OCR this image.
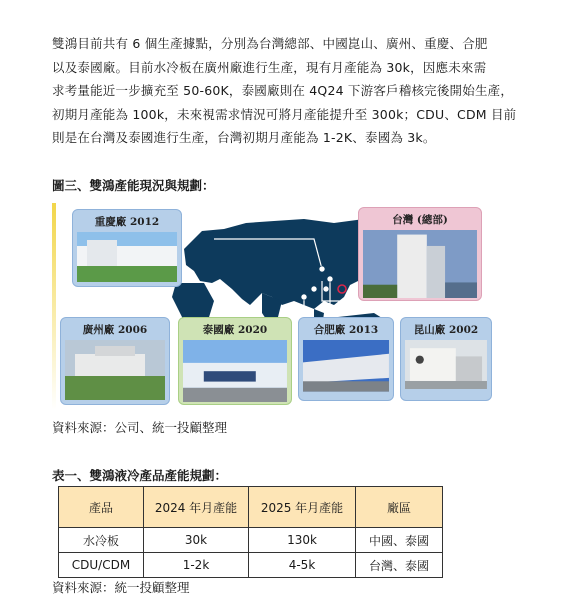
雙鴻目前共有 6 個生產據點，分別為台灣總部、中國崑山、廣州、重慶、合肥
以及泰國廠。目前水冷板在廣州廠進行生產，現有月產能為 30k，因應未來需
求考量能近一步擴充至 50-60K，泰國廠則在 4Q24 下游客戶稽核完後開始生產，
初期月產能為 100k，未來視需求情況可將月產能提升至 300k；CDU、CDM 目前
則是在台灣及泰國進行生產，台灣初期月產能為 1-2K、泰國為 3k。
圖三、雙鴻產能現況與規劃：
重慶廠 2012	台灣 (總部)
廣州廠 2006	泰國廠 2020	合肥廠 2013	昆山廠 2002
資料來源：公司、統一投顧整理
表一、雙鴻液冷產品產能規劃：
產品	2024 年月產能	2025 年月產能	廠區
水冷板	30k	130k	中國、泰國
CDU/CDM	1-2k	4-5k	台灣、泰國
資料來源：統一投顧整理
